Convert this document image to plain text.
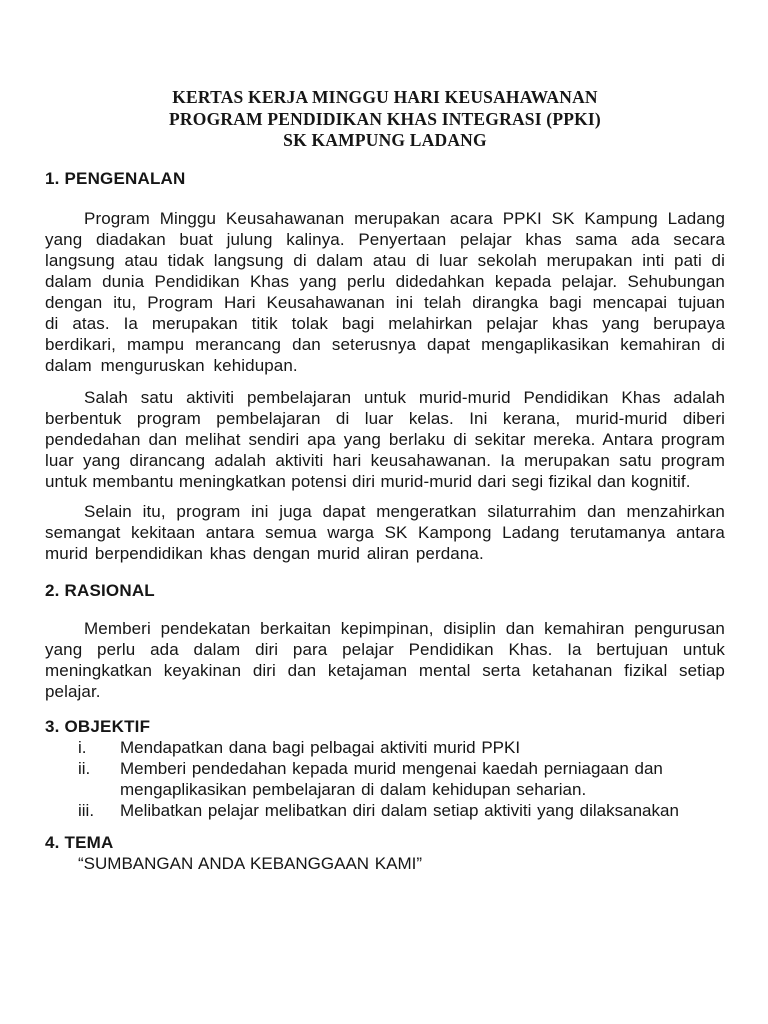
KERTAS KERJA MINGGU HARI KEUSAHAWANAN
PROGRAM PENDIDIKAN KHAS INTEGRASI (PPKI)
SK KAMPUNG LADANG
1. PENGENALAN

Program Minggu Keusahawanan merupakan acara PPKI SK Kampung Ladang yang diadakan buat julung kalinya. Penyertaan pelajar khas sama ada secara langsung atau tidak langsung di dalam atau di luar sekolah merupakan inti pati di dalam dunia Pendidikan Khas yang perlu didedahkan kepada pelajar. Sehubungan dengan itu, Program Hari Keusahawanan ini telah dirangka bagi mencapai tujuan di atas. Ia merupakan titik tolak bagi melahirkan pelajar khas yang berupaya berdikari, mampu merancang dan seterusnya dapat mengaplikasikan kemahiran di dalam menguruskan kehidupan.

Salah satu aktiviti pembelajaran untuk murid-murid Pendidikan Khas adalah berbentuk program pembelajaran di luar kelas. Ini kerana, murid-murid diberi pendedahan dan melihat sendiri apa yang berlaku di sekitar mereka. Antara program luar yang dirancang adalah aktiviti hari keusahawanan. Ia merupakan satu program untuk membantu meningkatkan potensi diri murid-murid dari segi fizikal dan kognitif.

Selain itu, program ini juga dapat mengeratkan silaturrahim dan menzahirkan semangat kekitaan antara semua warga SK Kampong Ladang terutamanya antara murid berpendidikan khas dengan murid aliran perdana.

2. RASIONAL

Memberi pendekatan berkaitan kepimpinan, disiplin dan kemahiran pengurusan yang perlu ada dalam diri para pelajar Pendidikan Khas. Ia bertujuan untuk meningkatkan keyakinan diri dan ketajaman mental serta ketahanan fizikal setiap pelajar.

3. OBJEKTIF
i.	Mendapatkan dana bagi pelbagai aktiviti murid PPKI
ii.	Memberi pendedahan kepada murid mengenai kaedah perniagaan dan mengaplikasikan pembelajaran di dalam kehidupan seharian.
iii.	Melibatkan pelajar melibatkan diri dalam setiap aktiviti yang dilaksanakan
4. TEMA

“SUMBANGAN ANDA KEBANGGAAN KAMI”
